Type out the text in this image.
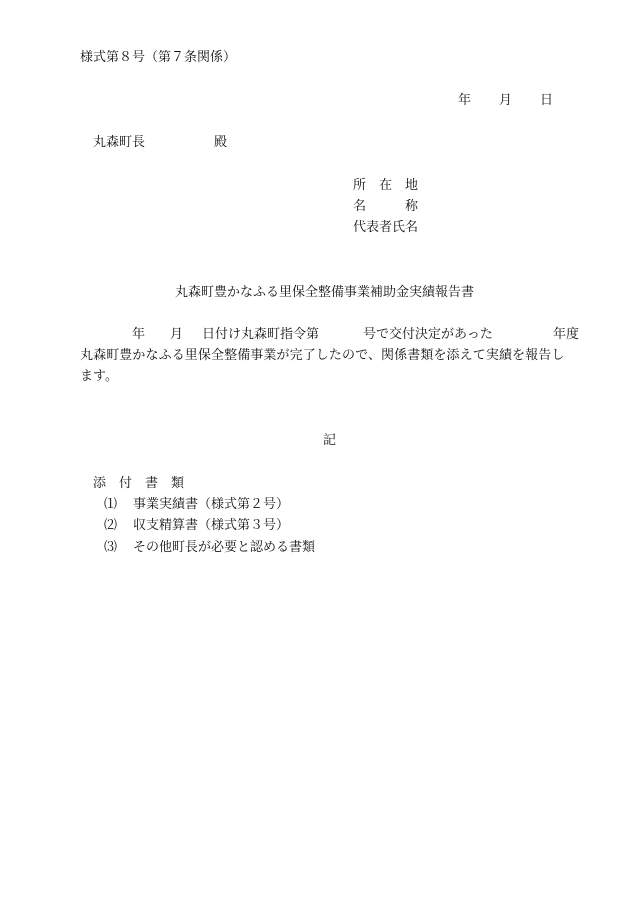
様式第８号（第７条関係）
年 月 日
丸森町長	殿
所　在　地
名　　　称
代表者氏名
丸森町豊かなふる里保全整備事業補助金実績報告書
年 月 日付け丸森町指令第	号で交付決定があった	年度
丸森町豊かなふる里保全整備事業が完了したので、関係書類を添えて実績を報告し
ます。
記
添　付　書　類
⑴ 事業実績書（様式第２号）
⑵ 収支精算書（様式第３号）
⑶ その他町長が必要と認める書類
